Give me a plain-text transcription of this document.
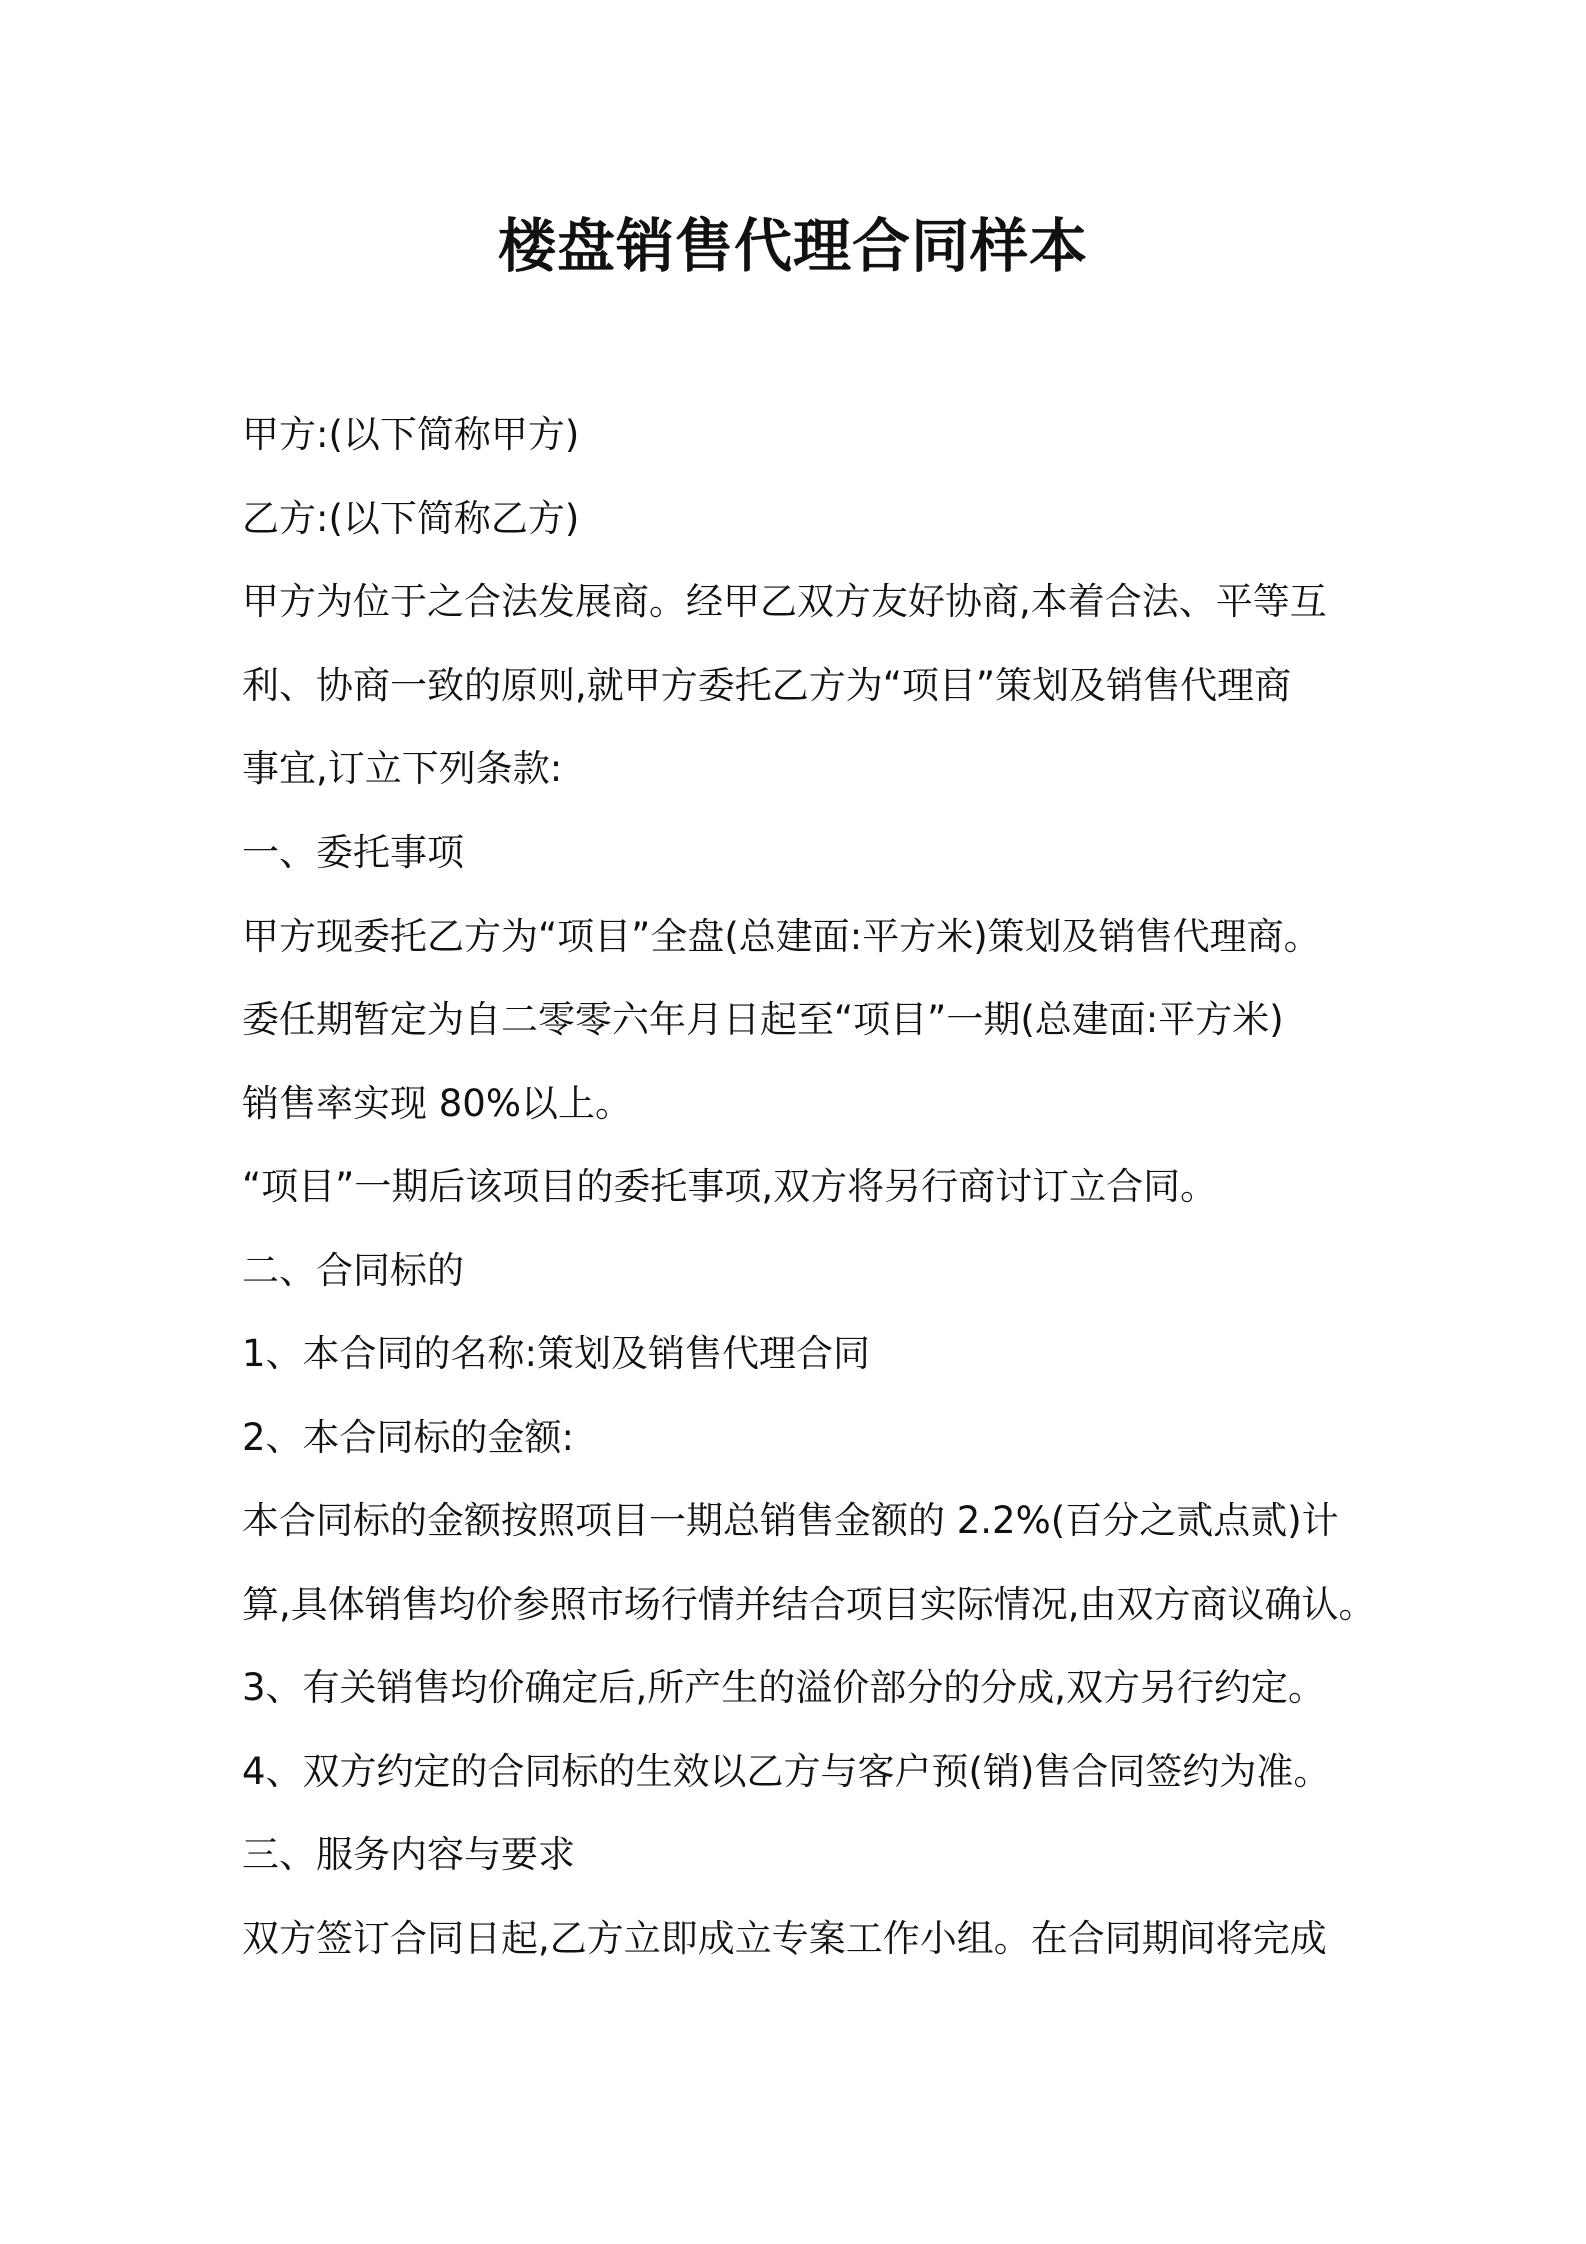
楼盘销售代理合同样本
甲方:(以下简称甲方)
乙方:(以下简称乙方)
甲方为位于之合法发展商。经甲乙双方友好协商,本着合法、平等互
利、协商一致的原则,就甲方委托乙方为“项目”策划及销售代理商
事宜,订立下列条款:
一、委托事项
甲方现委托乙方为“项目”全盘(总建面:平方米)策划及销售代理商。
委任期暂定为自二零零六年月日起至“项目”一期(总建面:平方米)
销售率实现 80%以上。
“项目”一期后该项目的委托事项,双方将另行商讨订立合同。
二、合同标的
1、本合同的名称:策划及销售代理合同
2、本合同标的金额:
本合同标的金额按照项目一期总销售金额的 2.2%(百分之贰点贰)计
算,具体销售均价参照市场行情并结合项目实际情况,由双方商议确认。
3、有关销售均价确定后,所产生的溢价部分的分成,双方另行约定。
4、双方约定的合同标的生效以乙方与客户预(销)售合同签约为准。
三、服务内容与要求
双方签订合同日起,乙方立即成立专案工作小组。在合同期间将完成
